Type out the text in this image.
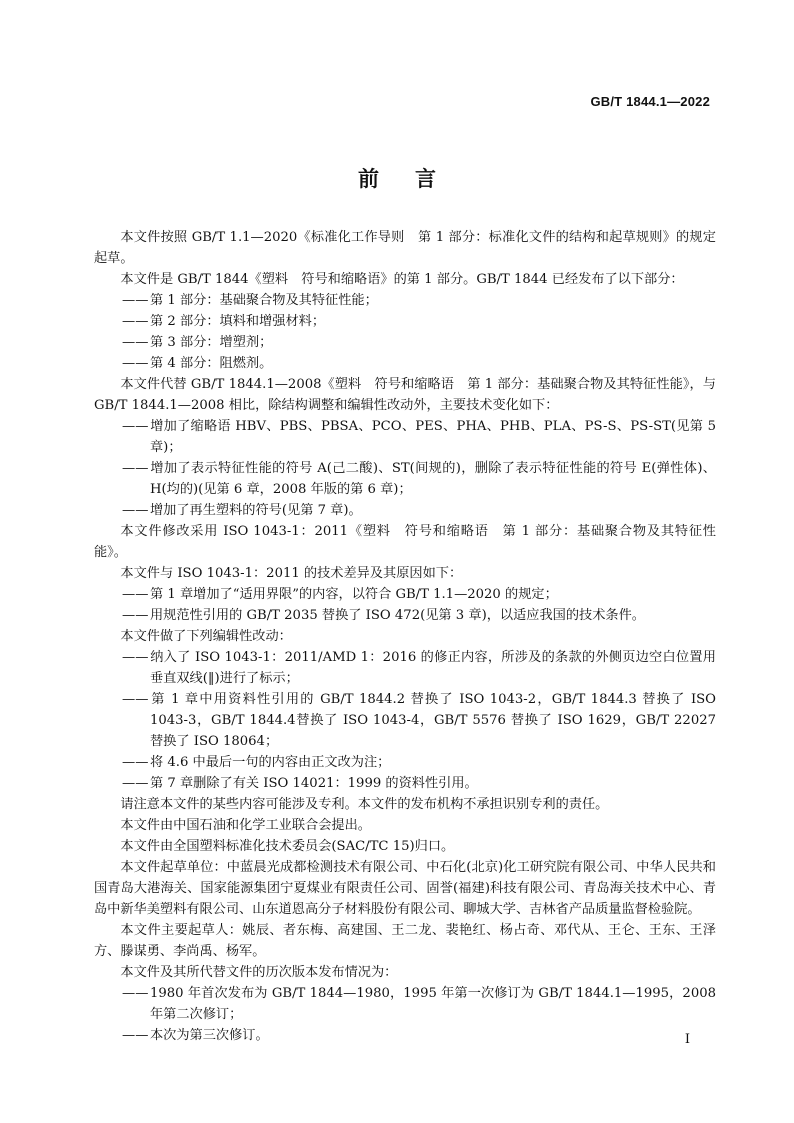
GB/T 1844.1—2022
前 言
本文件按照 GB/T 1.1—2020《标准化工作导则　第 1 部分：标准化文件的结构和起草规则》的规定起草。
本文件是 GB/T 1844《塑料　符号和缩略语》的第 1 部分。GB/T 1844 已经发布了以下部分：
—— 第 1 部分：基础聚合物及其特征性能；
—— 第 2 部分：填料和增强材料；
—— 第 3 部分：增塑剂；
—— 第 4 部分：阻燃剂。
本文件代替 GB/T 1844.1—2008《塑料　符号和缩略语　第 1 部分：基础聚合物及其特征性能》，与 GB/T 1844.1—2008 相比，除结构调整和编辑性改动外，主要技术变化如下：
—— 增加了缩略语 HBV、PBS、PBSA、PCO、PES、PHA、PHB、PLA、PS-S、PS-ST(见第 5 章)；
—— 增加了表示特征性能的符号 A(己二酸)、ST(间规的)，删除了表示特征性能的符号 E(弹性体)、H(均的)(见第 6 章，2008 年版的第 6 章)；
—— 增加了再生塑料的符号(见第 7 章)。
本文件修改采用 ISO 1043-1：2011《塑料　符号和缩略语　第 1 部分：基础聚合物及其特征性能》。
本文件与 ISO 1043-1：2011 的技术差异及其原因如下：
—— 第 1 章增加了“适用界限”的内容，以符合 GB/T 1.1—2020 的规定；
—— 用规范性引用的 GB/T 2035 替换了 ISO 472(见第 3 章)，以适应我国的技术条件。
本文件做了下列编辑性改动：
—— 纳入了 ISO 1043-1：2011/AMD 1：2016 的修正内容，所涉及的条款的外侧页边空白位置用垂直双线(‖)进行了标示；
—— 第 1 章中用资料性引用的 GB/T 1844.2 替换了 ISO 1043-2，GB/T 1844.3 替换了 ISO 1043-3，GB/T 1844.4替换了 ISO 1043-4，GB/T 5576 替换了 ISO 1629，GB/T 22027 替换了 ISO 18064；
—— 将 4.6 中最后一句的内容由正文改为注；
—— 第 7 章删除了有关 ISO 14021：1999 的资料性引用。
请注意本文件的某些内容可能涉及专利。本文件的发布机构不承担识别专利的责任。
本文件由中国石油和化学工业联合会提出。
本文件由全国塑料标准化技术委员会(SAC/TC 15)归口。
本文件起草单位：中蓝晨光成都检测技术有限公司、中石化(北京)化工研究院有限公司、中华人民共和国青岛大港海关、国家能源集团宁夏煤业有限责任公司、固誉(福建)科技有限公司、青岛海关技术中心、青岛中新华美塑料有限公司、山东道恩高分子材料股份有限公司、聊城大学、吉林省产品质量监督检验院。
本文件主要起草人：姚辰、者东梅、高建国、王二龙、裴艳红、杨占奇、邓代从、王仑、王东、王泽方、滕谋勇、李尚禹、杨军。
本文件及其所代替文件的历次版本发布情况为：
—— 1980 年首次发布为 GB/T 1844—1980，1995 年第一次修订为 GB/T 1844.1—1995，2008 年第二次修订；
—— 本次为第三次修订。	I
